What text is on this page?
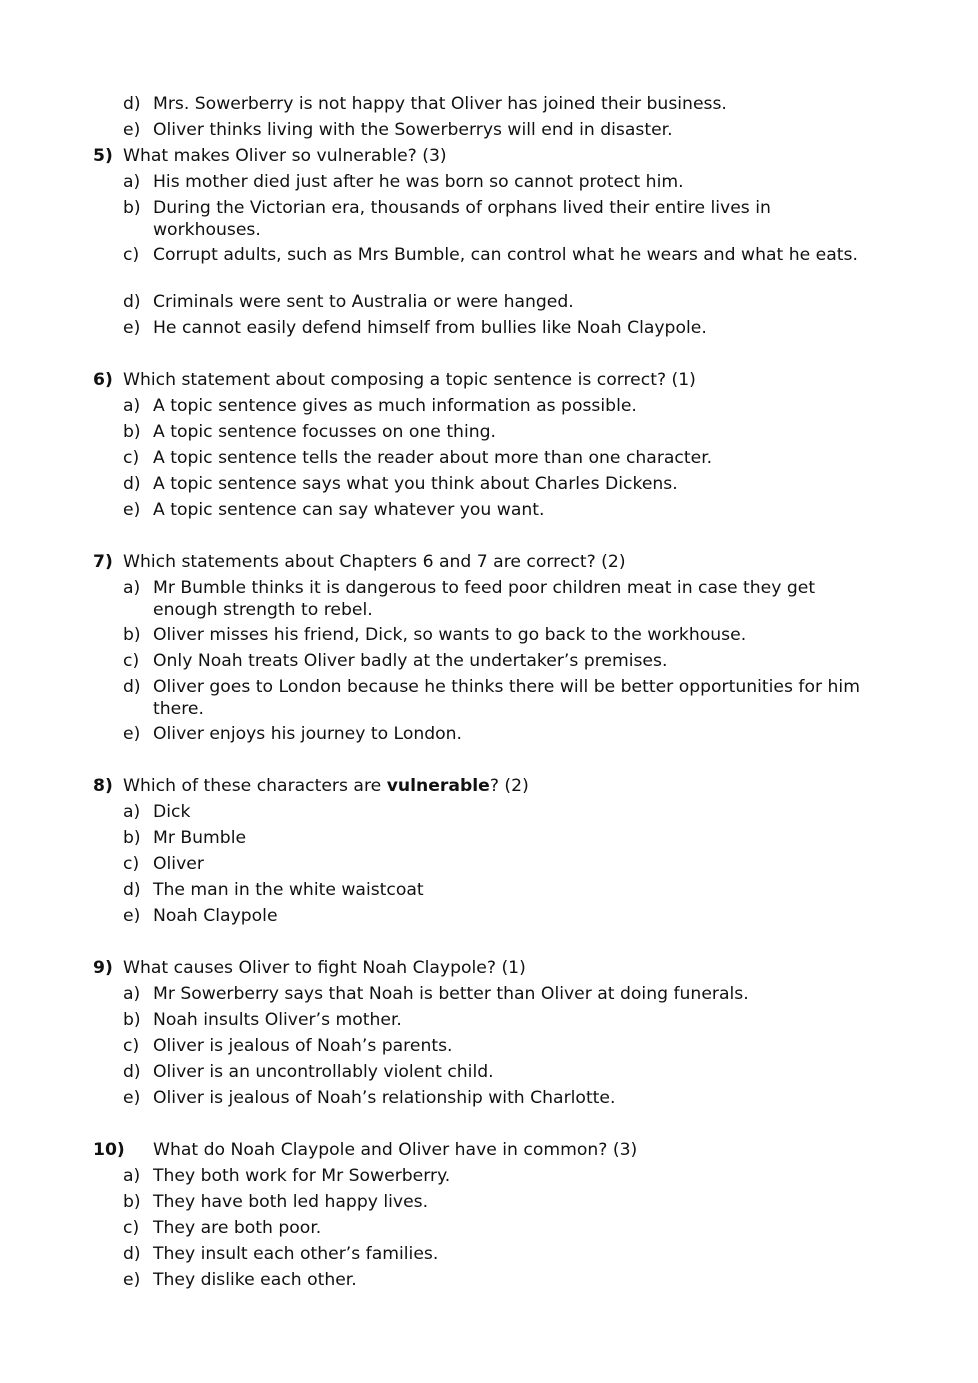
d) Mrs. Sowerberry is not happy that Oliver has joined their business.
e) Oliver thinks living with the Sowerberrys will end in disaster.
5) What makes Oliver so vulnerable? (3)
a) His mother died just after he was born so cannot protect him.
b) During the Victorian era, thousands of orphans lived their entire lives in workhouses.
c) Corrupt adults, such as Mrs Bumble, can control what he wears and what he eats.
d) Criminals were sent to Australia or were hanged.
e) He cannot easily defend himself from bullies like Noah Claypole.
6) Which statement about composing a topic sentence is correct? (1)
a) A topic sentence gives as much information as possible.
b) A topic sentence focusses on one thing.
c) A topic sentence tells the reader about more than one character.
d) A topic sentence says what you think about Charles Dickens.
e) A topic sentence can say whatever you want.
7) Which statements about Chapters 6 and 7 are correct? (2)
a) Mr Bumble thinks it is dangerous to feed poor children meat in case they get enough strength to rebel.
b) Oliver misses his friend, Dick, so wants to go back to the workhouse.
c) Only Noah treats Oliver badly at the undertaker’s premises.
d) Oliver goes to London because he thinks there will be better opportunities for him there.
e) Oliver enjoys his journey to London.
8) Which of these characters are vulnerable? (2)
a) Dick
b) Mr Bumble
c) Oliver
d) The man in the white waistcoat
e) Noah Claypole
9) What causes Oliver to fight Noah Claypole? (1)
a) Mr Sowerberry says that Noah is better than Oliver at doing funerals.
b) Noah insults Oliver’s mother.
c) Oliver is jealous of Noah’s parents.
d) Oliver is an uncontrollably violent child.
e) Oliver is jealous of Noah’s relationship with Charlotte.
10) What do Noah Claypole and Oliver have in common? (3)
a) They both work for Mr Sowerberry.
b) They have both led happy lives.
c) They are both poor.
d) They insult each other’s families.
e) They dislike each other.
